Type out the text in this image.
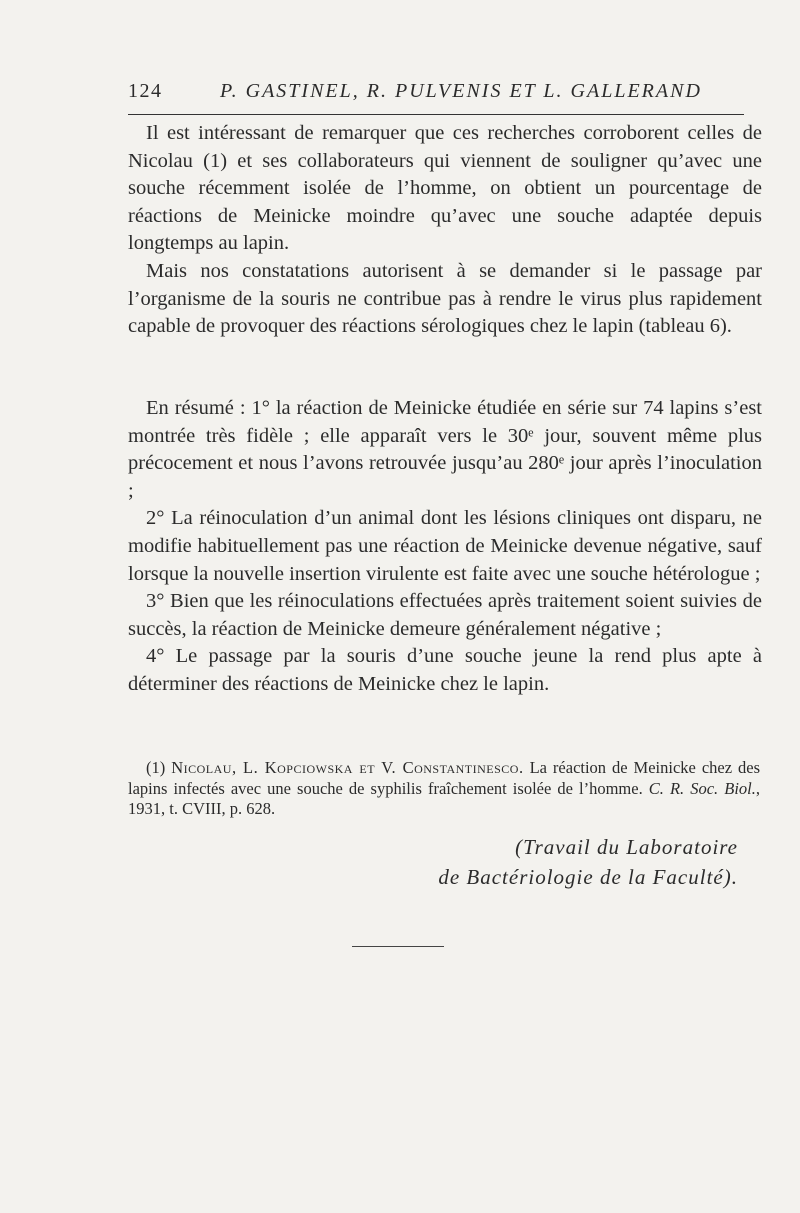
124	P. GASTINEL, R. PULVENIS ET L. GALLERAND

Il est intéressant de remarquer que ces recherches corroborent celles de Nicolau (1) et ses collaborateurs qui viennent de souligner qu’avec une souche récemment isolée de l’homme, on obtient un pourcentage de réactions de Meinicke moindre qu’avec une souche adaptée depuis longtemps au lapin.

Mais nos constatations autorisent à se demander si le passage par l’organisme de la souris ne contribue pas à rendre le virus plus rapidement capable de provoquer des réactions sérologiques chez le lapin (tableau 6).

En résumé : 1° la réaction de Meinicke étudiée en série sur 74 lapins s’est montrée très fidèle ; elle apparaît vers le 30ᵉ jour, souvent même plus précocement et nous l’avons retrouvée jusqu’au 280ᵉ jour après l’inoculation ;

2° La réinoculation d’un animal dont les lésions cliniques ont disparu, ne modifie habituellement pas une réaction de Meinicke devenue négative, sauf lorsque la nouvelle insertion virulente est faite avec une souche hétérologue ;

3° Bien que les réinoculations effectuées après traitement soient suivies de succès, la réaction de Meinicke demeure généralement négative ;

4° Le passage par la souris d’une souche jeune la rend plus apte à déterminer des réactions de Meinicke chez le lapin.

(1) Nicolau, L. Kopciowska et V. Constantinesco. La réaction de Meinicke chez des lapins infectés avec une souche de syphilis fraîchement isolée de l’homme. C. R. Soc. Biol., 1931, t. CVIII, p. 628.

(Travail du Laboratoire
de Bactériologie de la Faculté).
